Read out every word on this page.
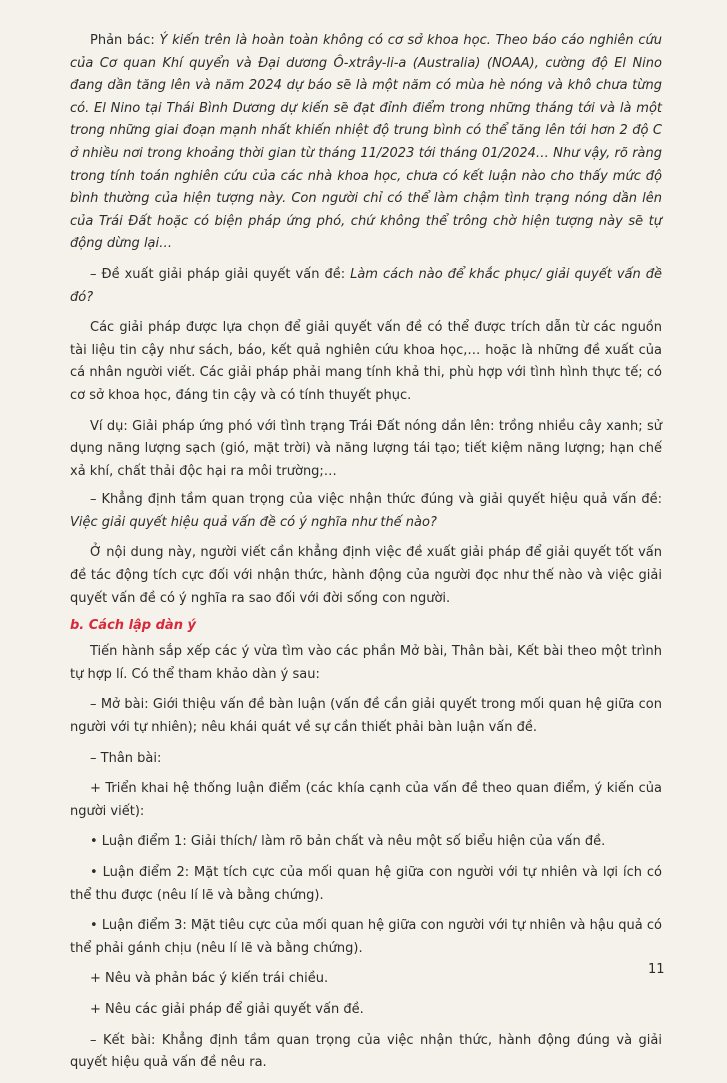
Phản bác: Ý kiến trên là hoàn toàn không có cơ sở khoa học. Theo báo cáo nghiên cứu của Cơ quan Khí quyển và Đại dương Ô-xtrây-li-a (Australia) (NOAA), cường độ El Nino đang dần tăng lên và năm 2024 dự báo sẽ là một năm có mùa hè nóng và khô chưa từng có. El Nino tại Thái Bình Dương dự kiến sẽ đạt đỉnh điểm trong những tháng tới và là một trong những giai đoạn mạnh nhất khiến nhiệt độ trung bình có thể tăng lên tới hơn 2 độ C ở nhiều nơi trong khoảng thời gian từ tháng 11/2023 tới tháng 01/2024… Như vậy, rõ ràng trong tính toán nghiên cứu của các nhà khoa học, chưa có kết luận nào cho thấy mức độ bình thường của hiện tượng này. Con người chỉ có thể làm chậm tình trạng nóng dần lên của Trái Đất hoặc có biện pháp ứng phó, chứ không thể trông chờ hiện tượng này sẽ tự động dừng lại…

– Đề xuất giải pháp giải quyết vấn đề: Làm cách nào để khắc phục/ giải quyết vấn đề đó?

Các giải pháp được lựa chọn để giải quyết vấn đề có thể được trích dẫn từ các nguồn tài liệu tin cậy như sách, báo, kết quả nghiên cứu khoa học,… hoặc là những đề xuất của cá nhân người viết. Các giải pháp phải mang tính khả thi, phù hợp với tình hình thực tế; có cơ sở khoa học, đáng tin cậy và có tính thuyết phục.

Ví dụ: Giải pháp ứng phó với tình trạng Trái Đất nóng dần lên: trồng nhiều cây xanh; sử dụng năng lượng sạch (gió, mặt trời) và năng lượng tái tạo; tiết kiệm năng lượng; hạn chế xả khí, chất thải độc hại ra môi trường;…

– Khẳng định tầm quan trọng của việc nhận thức đúng và giải quyết hiệu quả vấn đề: Việc giải quyết hiệu quả vấn đề có ý nghĩa như thế nào?

Ở nội dung này, người viết cần khẳng định việc đề xuất giải pháp để giải quyết tốt vấn đề tác động tích cực đối với nhận thức, hành động của người đọc như thế nào và việc giải quyết vấn đề có ý nghĩa ra sao đối với đời sống con người.

b. Cách lập dàn ý

Tiến hành sắp xếp các ý vừa tìm vào các phần Mở bài, Thân bài, Kết bài theo một trình tự hợp lí. Có thể tham khảo dàn ý sau:

– Mở bài: Giới thiệu vấn đề bàn luận (vấn đề cần giải quyết trong mối quan hệ giữa con người với tự nhiên); nêu khái quát về sự cần thiết phải bàn luận vấn đề.

– Thân bài:

+ Triển khai hệ thống luận điểm (các khía cạnh của vấn đề theo quan điểm, ý kiến của người viết):

• Luận điểm 1: Giải thích/ làm rõ bản chất và nêu một số biểu hiện của vấn đề.

• Luận điểm 2: Mặt tích cực của mối quan hệ giữa con người với tự nhiên và lợi ích có thể thu được (nêu lí lẽ và bằng chứng).

• Luận điểm 3: Mặt tiêu cực của mối quan hệ giữa con người với tự nhiên và hậu quả có thể phải gánh chịu (nêu lí lẽ và bằng chứng).

+ Nêu và phản bác ý kiến trái chiều.

+ Nêu các giải pháp để giải quyết vấn đề.

– Kết bài: Khẳng định tầm quan trọng của việc nhận thức, hành động đúng và giải quyết hiệu quả vấn đề nêu ra.

11
